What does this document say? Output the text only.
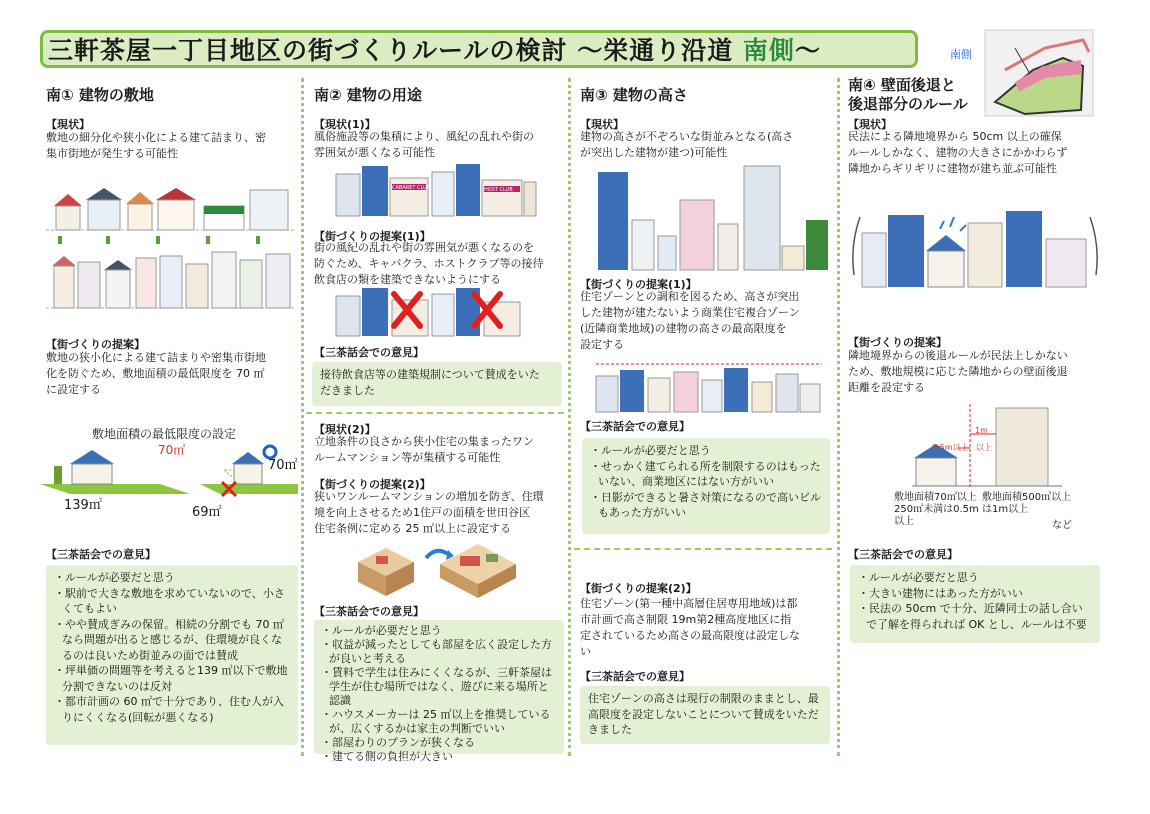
三軒茶屋一丁目地区の街づくりルールの検討 〜栄通り沿道 南側〜	南側
南① 建物の敷地
【現状】
敷地の細分化や狭小化による建て詰まり、密
集市街地が発生する可能性
【街づくりの提案】
敷地の狭小化による建て詰まりや密集市街地
化を防ぐため、敷地面積の最低限度を 70 ㎡
に設定する
敷地面積の最低限度の設定
70㎡
70㎡
139㎡	69㎡
【三茶話会での意見】
・ルールが必要だと思う
・駅前で大きな敷地を求めていないので、小さくてもよい
・やや賛成ぎみの保留。相続の分割でも 70 ㎡なら問題が出ると感じるが、住環境が良くなるのは良いため街並みの面では賛成
・坪単価の問題等を考えると139 ㎡以下で敷地分割できないのは反対
・都市計画の 60 ㎡で十分であり、住む人が入りにくくなる(回転が悪くなる)
南② 建物の用途
【現状(1)】
風俗施設等の集積により、風紀の乱れや街の
雰囲気が悪くなる可能性
CABARET CLUB	HOST CLUB
【街づくりの提案(1)】
街の風紀の乱れや街の雰囲気が悪くなるのを
防ぐため、キャバクラ、ホストクラブ等の接待
飲食店の類を建築できないようにする
【三茶話会での意見】
接待飲食店等の建築規制について賛成をいた
だきました
【現状(2)】
立地条件の良さから狭小住宅の集まったワン
ルームマンション等が集積する可能性
【街づくりの提案(2)】
狭いワンルームマンションの増加を防ぎ、住環
境を向上させるため1住戸の面積を世田谷区
住宅条例に定める 25 ㎡以上に設定する
【三茶話会での意見】
・ルールが必要だと思う
・収益が減ったとしても部屋を広く設定した方が良いと考える
・賃料で学生は住みにくくなるが、三軒茶屋は学生が住む場所ではなく、遊びに来る場所と認識
・ハウスメーカーは 25 ㎡以上を推奨しているが、広くするかは家主の判断でいい
・部屋わりのプランが狭くなる
・建てる側の負担が大きい
南③ 建物の高さ
【現状】
建物の高さが不ぞろいな街並みとなる(高さ
が突出した建物が建つ)可能性
【街づくりの提案(1)】
住宅ゾーンとの調和を図るため、高さが突出
した建物が建たないよう商業住宅複合ゾーン
(近隣商業地域)の建物の高さの最高限度を
設定する
【三茶話会での意見】
・ルールが必要だと思う
・せっかく建てられる所を制限するのはもったいない、商業地区にはない方がいい
・日影ができると暑さ対策になるので高いビルもあった方がいい
【街づくりの提案(2)】
住宅ゾーン(第一種中高層住居専用地域)は都
市計画で高さ制限 19m第2種高度地区に指
定されているため高さの最高限度は設定しな
い
【三茶話会での意見】
住宅ゾーンの高さは現行の制限のままとし、最
高限度を設定しないことについて賛成をいただ
きました
南④ 壁面後退と
後退部分のルール
【現状】
民法による隣地境界から 50cm 以上の確保
ルールしかなく、建物の大きさにかかわらず
隣地からギリギリに建物が建ち並ぶ可能性
【街づくりの提案】
隣地境界からの後退ルールが民法上しかない
ため、敷地規模に応じた隣地からの壁面後退
距離を設定する
1m
0.5m以上 以上
敷地面積70㎡以上
250㎡未満は0.5m
以上
敷地面積500㎡以上
は1m以上
など
【三茶話会での意見】
・ルールが必要だと思う
・大きい建物にはあった方がいい
・民法の 50cm で十分、近隣同士の話し合いで了解を得られれば OK とし、ルールは不要
